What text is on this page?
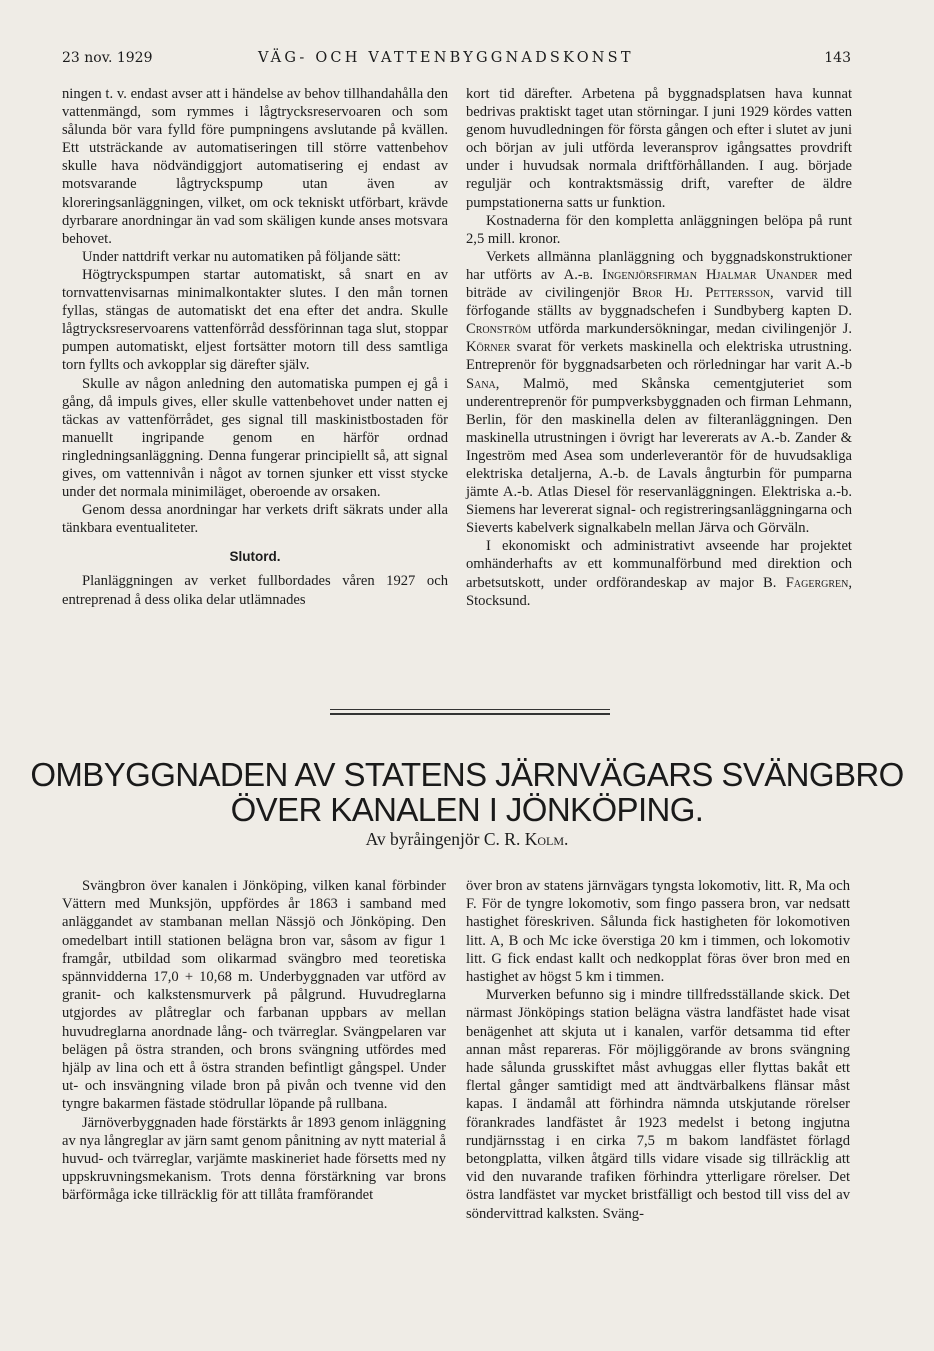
23 nov. 1929	VÄG- OCH VATTENBYGGNADSKONST	143

ningen t. v. endast avser att i händelse av behov tillhandahålla den vattenmängd, som rymmes i lågtrycksreservoaren och som sålunda bör vara fylld före pumpningens avslutande på kvällen. Ett utsträckande av automatiseringen till större vattenbehov skulle hava nödvändiggjort automatisering ej endast av motsvarande lågtryckspump utan även av kloreringsanläggningen, vilket, om ock tekniskt utförbart, krävde dyrbarare anordningar än vad som skäligen kunde anses motsvara behovet.

Under nattdrift verkar nu automatiken på följande sätt:

Högtryckspumpen startar automatiskt, så snart en av tornvattenvisarnas minimalkontakter slutes. I den mån tornen fyllas, stängas de automatiskt det ena efter det andra. Skulle lågtrycksreservoarens vattenförråd dessförinnan taga slut, stoppar pumpen automatiskt, eljest fortsätter motorn till dess samtliga torn fyllts och avkopplar sig därefter själv.

Skulle av någon anledning den automatiska pumpen ej gå i gång, då impuls gives, eller skulle vattenbehovet under natten ej täckas av vattenförrådet, ges signal till maskinistbostaden för manuellt ingripande genom en härför ordnad ringledningsanläggning. Denna fungerar principiellt så, att signal gives, om vattennivån i något av tornen sjunker ett visst stycke under det normala minimiläget, oberoende av orsaken.

Genom dessa anordningar har verkets drift säkrats under alla tänkbara eventualiteter.

Slutord.

Planläggningen av verket fullbordades våren 1927 och entreprenad å dess olika delar utlämnades

kort tid därefter. Arbetena på byggnadsplatsen hava kunnat bedrivas praktiskt taget utan störningar. I juni 1929 kördes vatten genom huvudledningen för första gången och efter i slutet av juni och början av juli utförda leveransprov igångsattes provdrift under i huvudsak normala driftförhållanden. I aug. började reguljär och kontraktsmässig drift, varefter de äldre pumpstationerna satts ur funktion.

Kostnaderna för den kompletta anläggningen belöpa på runt 2,5 mill. kronor.

Verkets allmänna planläggning och byggnadskonstruktioner har utförts av A.-b. Ingenjörsfirman Hjalmar Unander med biträde av civilingenjör Bror Hj. Pettersson, varvid till förfogande ställts av byggnadschefen i Sundbyberg kapten D. Cronström utförda markundersökningar, medan civilingenjör J. Körner svarat för verkets maskinella och elektriska utrustning. Entreprenör för byggnadsarbeten och rörledningar har varit A.-b Sana, Malmö, med Skånska cementgjuteriet som underentreprenör för pumpverksbyggnaden och firman Lehmann, Berlin, för den maskinella delen av filteranläggningen. Den maskinella utrustningen i övrigt har levererats av A.-b. Zander & Ingeström med Asea som underleverantör för de huvudsakliga elektriska detaljerna, A.-b. de Lavals ångturbin för pumparna jämte A.-b. Atlas Diesel för reservanläggningen. Elektriska a.-b. Siemens har levererat signal- och registreringsanläggningarna och Sieverts kabelverk signalkabeln mellan Järva och Görväln.

I ekonomiskt och administrativt avseende har projektet omhänderhafts av ett kommunalförbund med direktion och arbetsutskott, under ordförandeskap av major B. Fagergren, Stocksund.

OMBYGGNADEN AV STATENS JÄRNVÄGARS SVÄNGBRO
ÖVER KANALEN I JÖNKÖPING.
Av byråingenjör C. R. Kolm.

Svängbron över kanalen i Jönköping, vilken kanal förbinder Vättern med Munksjön, uppfördes år 1863 i samband med anläggandet av stambanan mellan Nässjö och Jönköping. Den omedelbart intill stationen belägna bron var, såsom av figur 1 framgår, utbildad som olikarmad svängbro med teoretiska spännvidderna 17,0 + 10,68 m. Underbyggnaden var utförd av granit- och kalkstensmurverk på pålgrund. Huvudreglarna utgjordes av plåtreglar och farbanan uppbars av mellan huvudreglarna anordnade lång- och tvärreglar. Svängpelaren var belägen på östra stranden, och brons svängning utfördes med hjälp av lina och ett å östra stranden befintligt gångspel. Under ut- och insvängning vilade bron på pivån och tvenne vid den tyngre bakarmen fästade stödrullar löpande på rullbana.

Järnöverbyggnaden hade förstärkts år 1893 genom inläggning av nya långreglar av järn samt genom pånitning av nytt material å huvud- och tvärreglar, varjämte maskineriet hade försetts med ny uppskruvningsmekanism. Trots denna förstärkning var brons bärförmåga icke tillräcklig för att tillåta framförandet

över bron av statens järnvägars tyngsta lokomotiv, litt. R, Ma och F. För de tyngre lokomotiv, som fingo passera bron, var nedsatt hastighet föreskriven. Sålunda fick hastigheten för lokomotiven litt. A, B och Mc icke överstiga 20 km i timmen, och lokomotiv litt. G fick endast kallt och nedkopplat föras över bron med en hastighet av högst 5 km i timmen.

Murverken befunno sig i mindre tillfredsställande skick. Det närmast Jönköpings station belägna västra landfästet hade visat benägenhet att skjuta ut i kanalen, varför detsamma tid efter annan måst repareras. För möjliggörande av brons svängning hade sålunda grusskiftet måst avhuggas eller flyttas bakåt ett flertal gånger samtidigt med att ändtvärbalkens flänsar måst kapas. I ändamål att förhindra nämnda utskjutande rörelser förankrades landfästet år 1923 medelst i betong ingjutna rundjärnsstag i en cirka 7,5 m bakom landfästet förlagd betongplatta, vilken åtgärd tills vidare visade sig tillräcklig att vid den nuvarande trafiken förhindra ytterligare rörelser. Det östra landfästet var mycket bristfälligt och bestod till viss del av söndervittrad kalksten. Sväng-
